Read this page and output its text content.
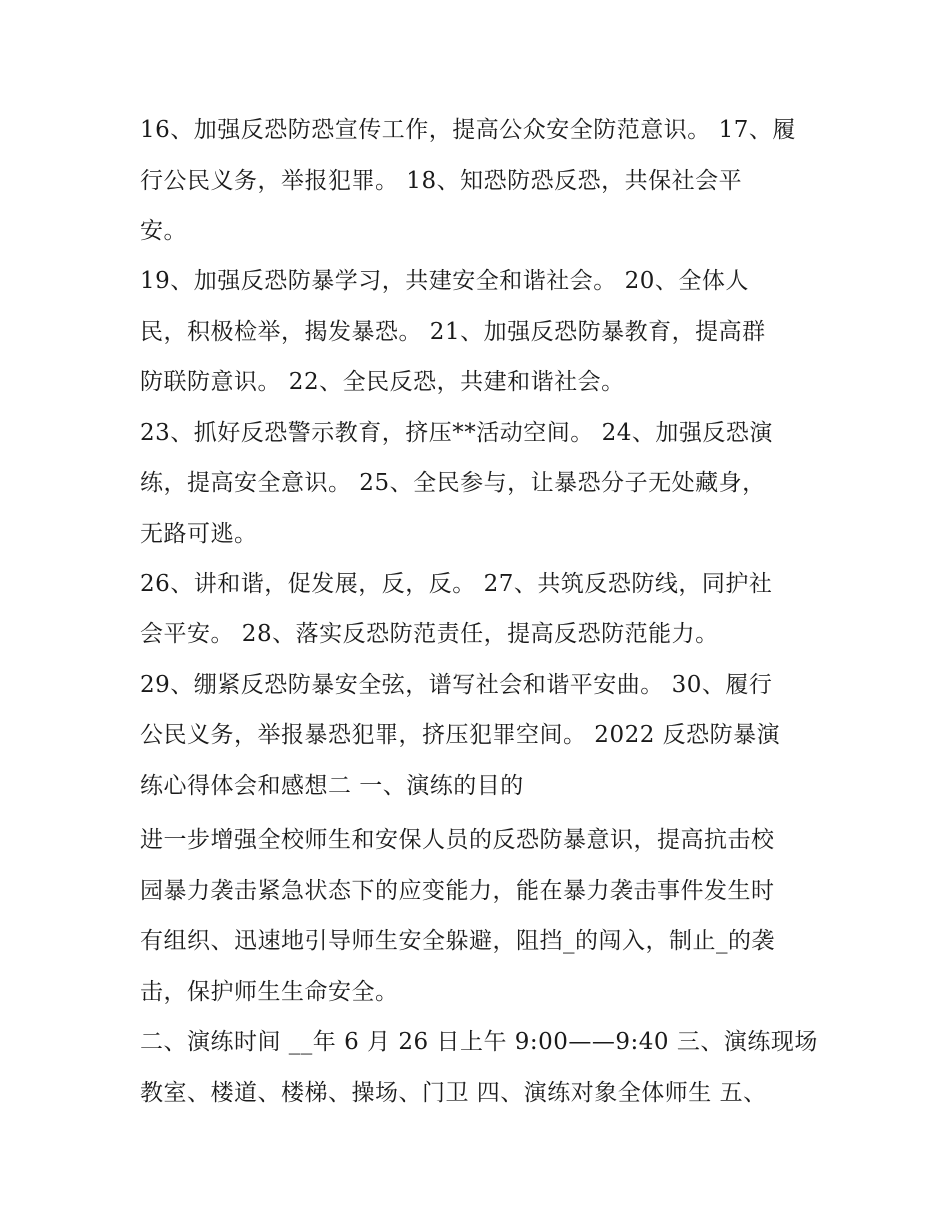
16、加强反恐防恐宣传工作，提高公众安全防范意识。 17、履
行公民义务，举报犯罪。 18、知恐防恐反恐，共保社会平
安。
19、加强反恐防暴学习，共建安全和谐社会。 20、全体人
民，积极检举，揭发暴恐。 21、加强反恐防暴教育，提高群
防联防意识。 22、全民反恐，共建和谐社会。
23、抓好反恐警示教育，挤压**活动空间。 24、加强反恐演
练，提高安全意识。 25、全民参与，让暴恐分子无处藏身，
无路可逃。
26、讲和谐，促发展，反，反。 27、共筑反恐防线，同护社
会平安。 28、落实反恐防范责任，提高反恐防范能力。
29、绷紧反恐防暴安全弦，谱写社会和谐平安曲。 30、履行
公民义务，举报暴恐犯罪，挤压犯罪空间。 2022 反恐防暴演
练心得体会和感想二 一、演练的目的
进一步增强全校师生和安保人员的反恐防暴意识，提高抗击校
园暴力袭击紧急状态下的应变能力，能在暴力袭击事件发生时
有组织、迅速地引导师生安全躲避，阻挡_的闯入，制止_的袭
击，保护师生生命安全。
二、演练时间 __年 6 月 26 日上午 9:00——9:40 三、演练现场
教室、楼道、楼梯、操场、门卫 四、演练对象全体师生 五、
